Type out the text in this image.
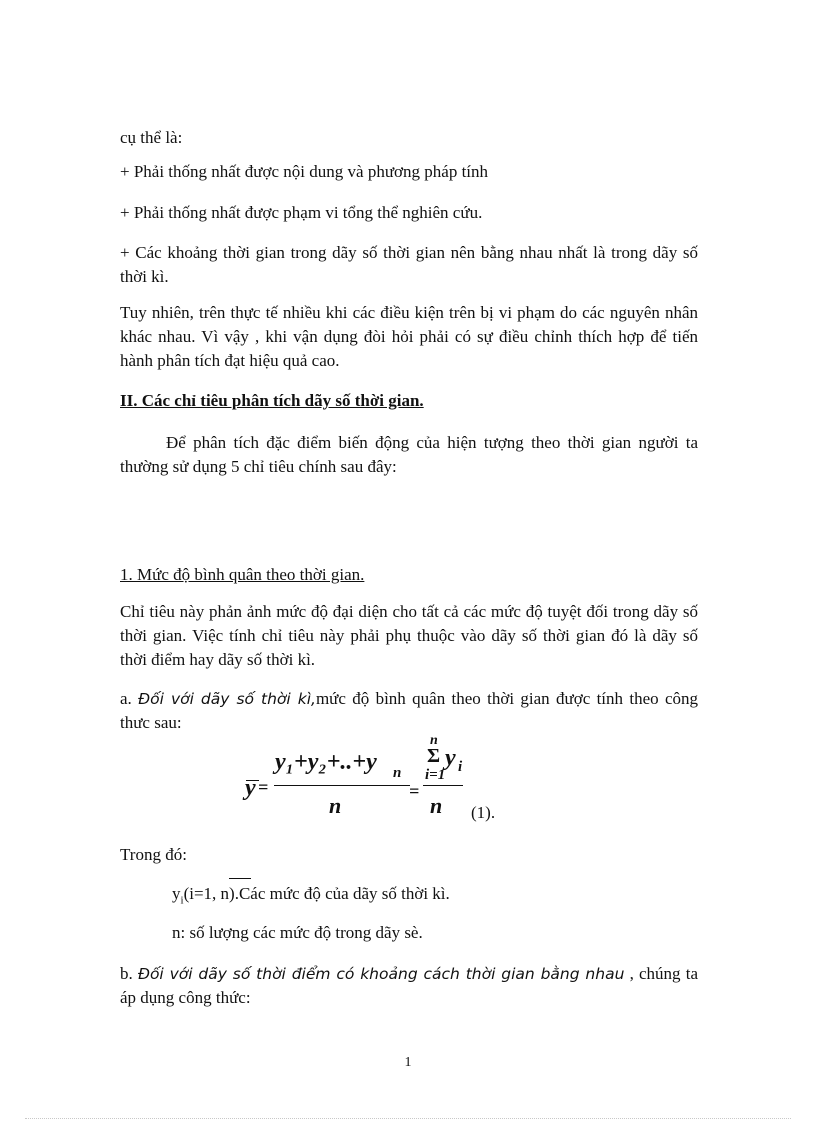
cụ thể là:

+ Phải thống nhất được nội dung và phương pháp tính

+ Phải thống nhất được phạm vi tổng thể nghiên cứu.

+ Các khoảng thời gian trong dãy số thời gian nên bằng nhau nhất là trong dãy số thời kì.

Tuy nhiên, trên thực tế nhiều khi các điều kiện trên bị vi phạm do các nguyên nhân khác nhau. Vì vậy , khi vận dụng đòi hỏi phải có sự điều chỉnh thích hợp để tiến hành phân tích đạt hiệu quả cao.

II. Các chỉ tiêu phân tích dãy số thời gian.

Để phân tích đặc điểm biến động của hiện tượng theo thời gian người ta thường sử dụng 5 chỉ tiêu chính sau đây:

1. Mức độ bình quân theo thời gian.

Chỉ tiêu này phản ảnh mức độ đại diện cho tất cả các mức độ tuyệt đối trong dãy số thời gian. Việc tính chỉ tiêu này phải phụ thuộc vào dãy số thời gian đó là dãy số thời điểm hay dãy số thời kì.

a. Đối với dãy số thời kì,mức độ bình quân theo thời gian được tính theo công thưc sau:

y =
y₁+y₂+..+y n
n
=
n
Σ
i=1
y i
n (1).

Trong đó:

$y_i(i=1$, n).Các mức độ của dãy số thời kì.

n: số lượng các mức độ trong dãy sè.

b. Đối với dãy số thời điểm có khoảng cách thời gian bằng nhau , chúng ta áp dụng công thức:

1
